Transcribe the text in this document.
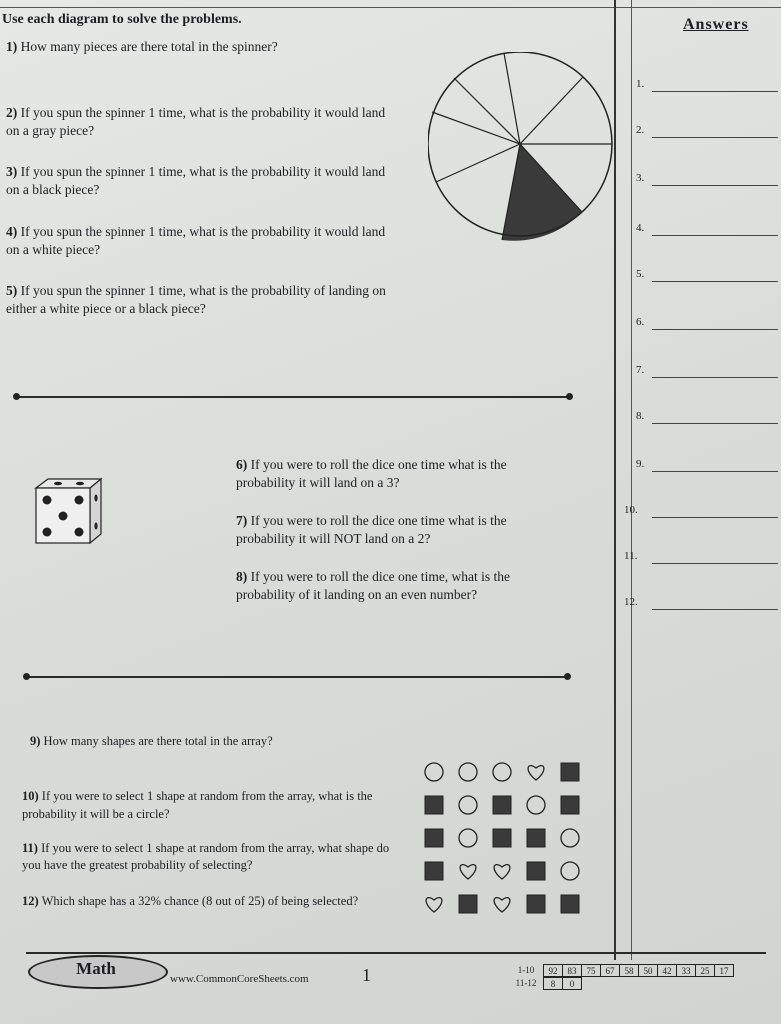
Use each diagram to solve the problems.	Answers
1) How many pieces are there total in the spinner?
2) If you spun the spinner 1 time, what is the probability it would land on a gray piece?
3) If you spun the spinner 1 time, what is the probability it would land on a black piece?
4) If you spun the spinner 1 time, what is the probability it would land on a white piece?
5) If you spun the spinner 1 time, what is the probability of landing on either a white piece or a black piece?
6) If you were to roll the dice one time what is the probability it will land on a 3?
7) If you were to roll the dice one time what is the probability it will NOT land on a 2?
8) If you were to roll the dice one time, what is the probability of it landing on an even number?
9) How many shapes are there total in the array?
10) If you were to select 1 shape at random from the array, what is the probability it will be a circle?
11) If you were to select 1 shape at random from the array, what shape do you have the greatest probability of selecting?
12) Which shape has a 32% chance (8 out of 25) of being selected?
1.
2.
3.
4.
5.
6.
7.
8.
9.
10.
11.
12.
Math
www.CommonCoreSheets.com	1	1-10	92	83	75	67	58	50	42	33	25	17
11-12	8	0
